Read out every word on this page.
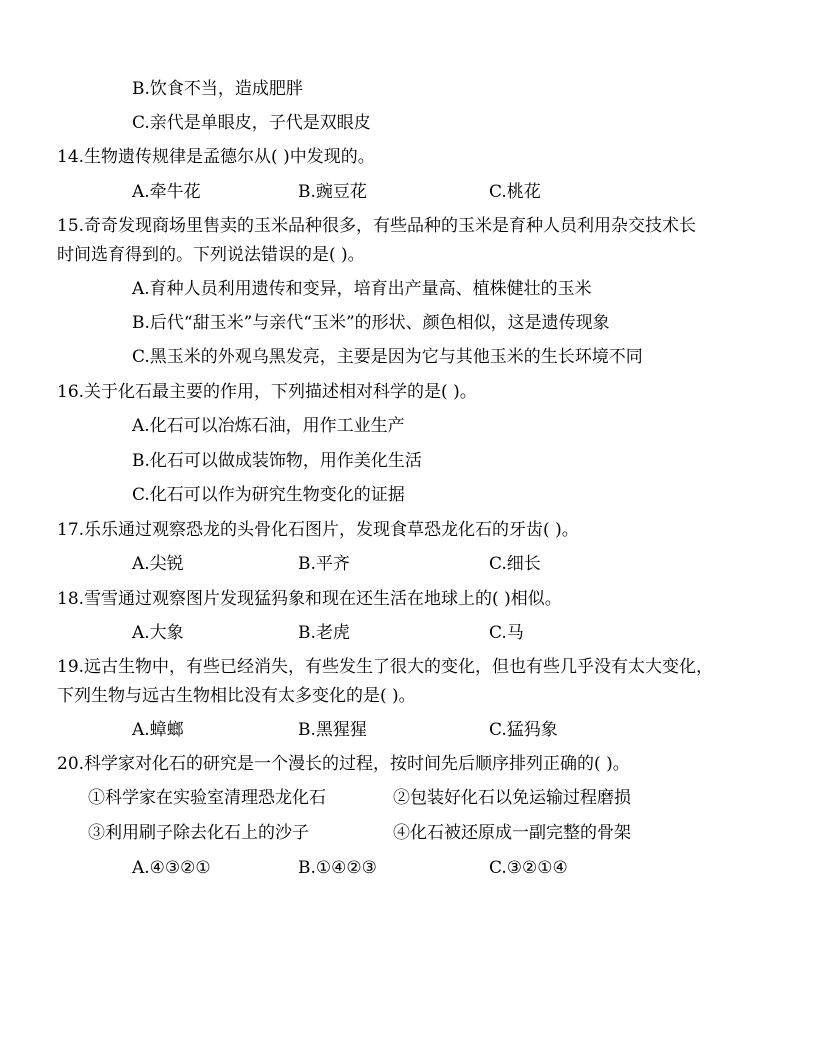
B.饮食不当，造成肥胖
C.亲代是单眼皮，子代是双眼皮
14.生物遗传规律是孟德尔从( )中发现的。
A.牵牛花	B.豌豆花	C.桃花
15.奇奇发现商场里售卖的玉米品种很多，有些品种的玉米是育种人员利用杂交技术长
时间选育得到的。下列说法错误的是( )。
A.育种人员利用遗传和变异，培育出产量高、植株健壮的玉米
B.后代“甜玉米”与亲代“玉米”的形状、颜色相似，这是遗传现象
C.黑玉米的外观乌黑发亮，主要是因为它与其他玉米的生长环境不同
16.关于化石最主要的作用，下列描述相对科学的是( )。
A.化石可以冶炼石油，用作工业生产
B.化石可以做成装饰物，用作美化生活
C.化石可以作为研究生物变化的证据
17.乐乐通过观察恐龙的头骨化石图片，发现食草恐龙化石的牙齿( )。
A.尖锐	B.平齐	C.细长
18.雪雪通过观察图片发现猛犸象和现在还生活在地球上的( )相似。
A.大象	B.老虎	C.马
19.远古生物中，有些已经消失，有些发生了很大的变化，但也有些几乎没有太大变化，
下列生物与远古生物相比没有太多变化的是( )。
A.蟑螂	B.黑猩猩	C.猛犸象
20.科学家对化石的研究是一个漫长的过程，按时间先后顺序排列正确的( )。
①科学家在实验室清理恐龙化石	②包装好化石以免运输过程磨损
③利用刷子除去化石上的沙子	④化石被还原成一副完整的骨架
A.④③②①	B.①④②③	C.③②①④
